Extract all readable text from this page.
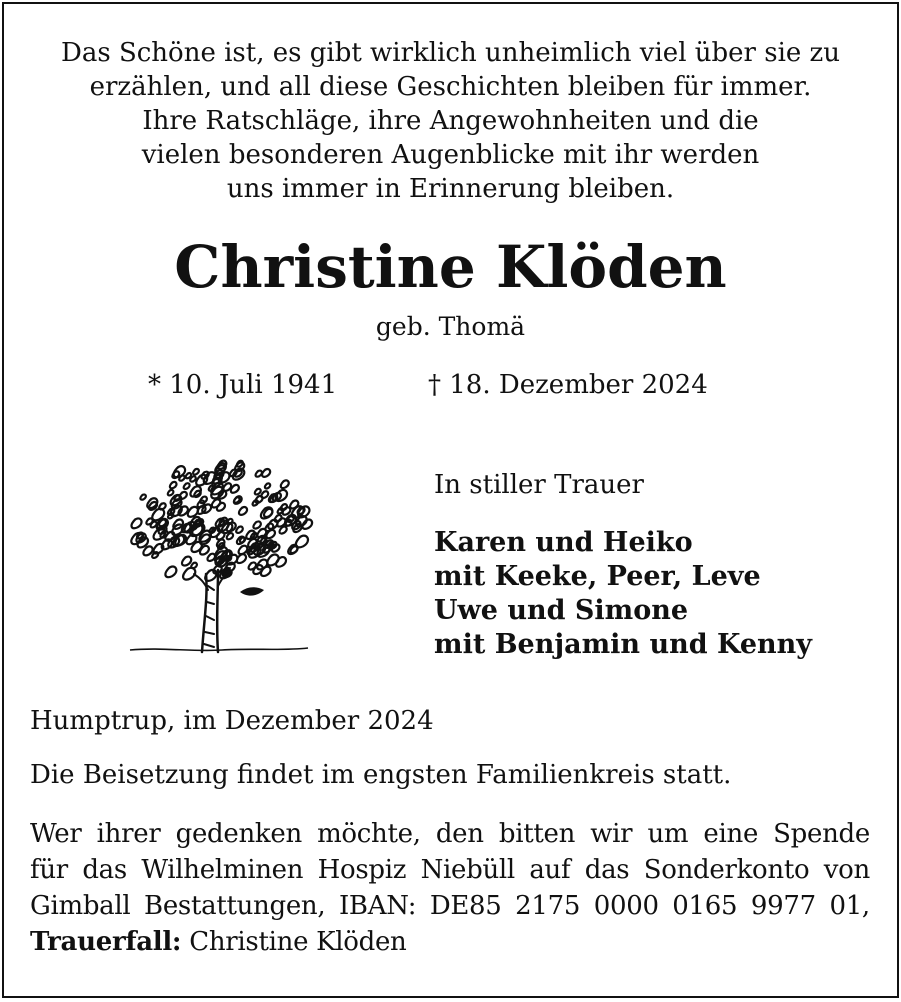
Das Schöne ist, es gibt wirklich unheimlich viel über sie zu
erzählen, und all diese Geschichten bleiben für immer.
Ihre Ratschläge, ihre Angewohnheiten und die
vielen besonderen Augenblicke mit ihr werden
uns immer in Erinnerung bleiben.
Christine Klöden
geb. Thomä
* 10. Juli 1941	† 18. Dezember 2024
In stiller Trauer
Karen und Heiko
mit Keeke, Peer, Leve
Uwe und Simone
mit Benjamin und Kenny
Humptrup, im Dezember 2024
Die Beisetzung findet im engsten Familienkreis statt.
Wer ihrer gedenken möchte, den bitten wir um eine Spende
für das Wilhelminen Hospiz Niebüll auf das Sonderkonto von
Gimball Bestattungen, IBAN: DE85 2175 0000 0165 9977 01,
Trauerfall: Christine Klöden
